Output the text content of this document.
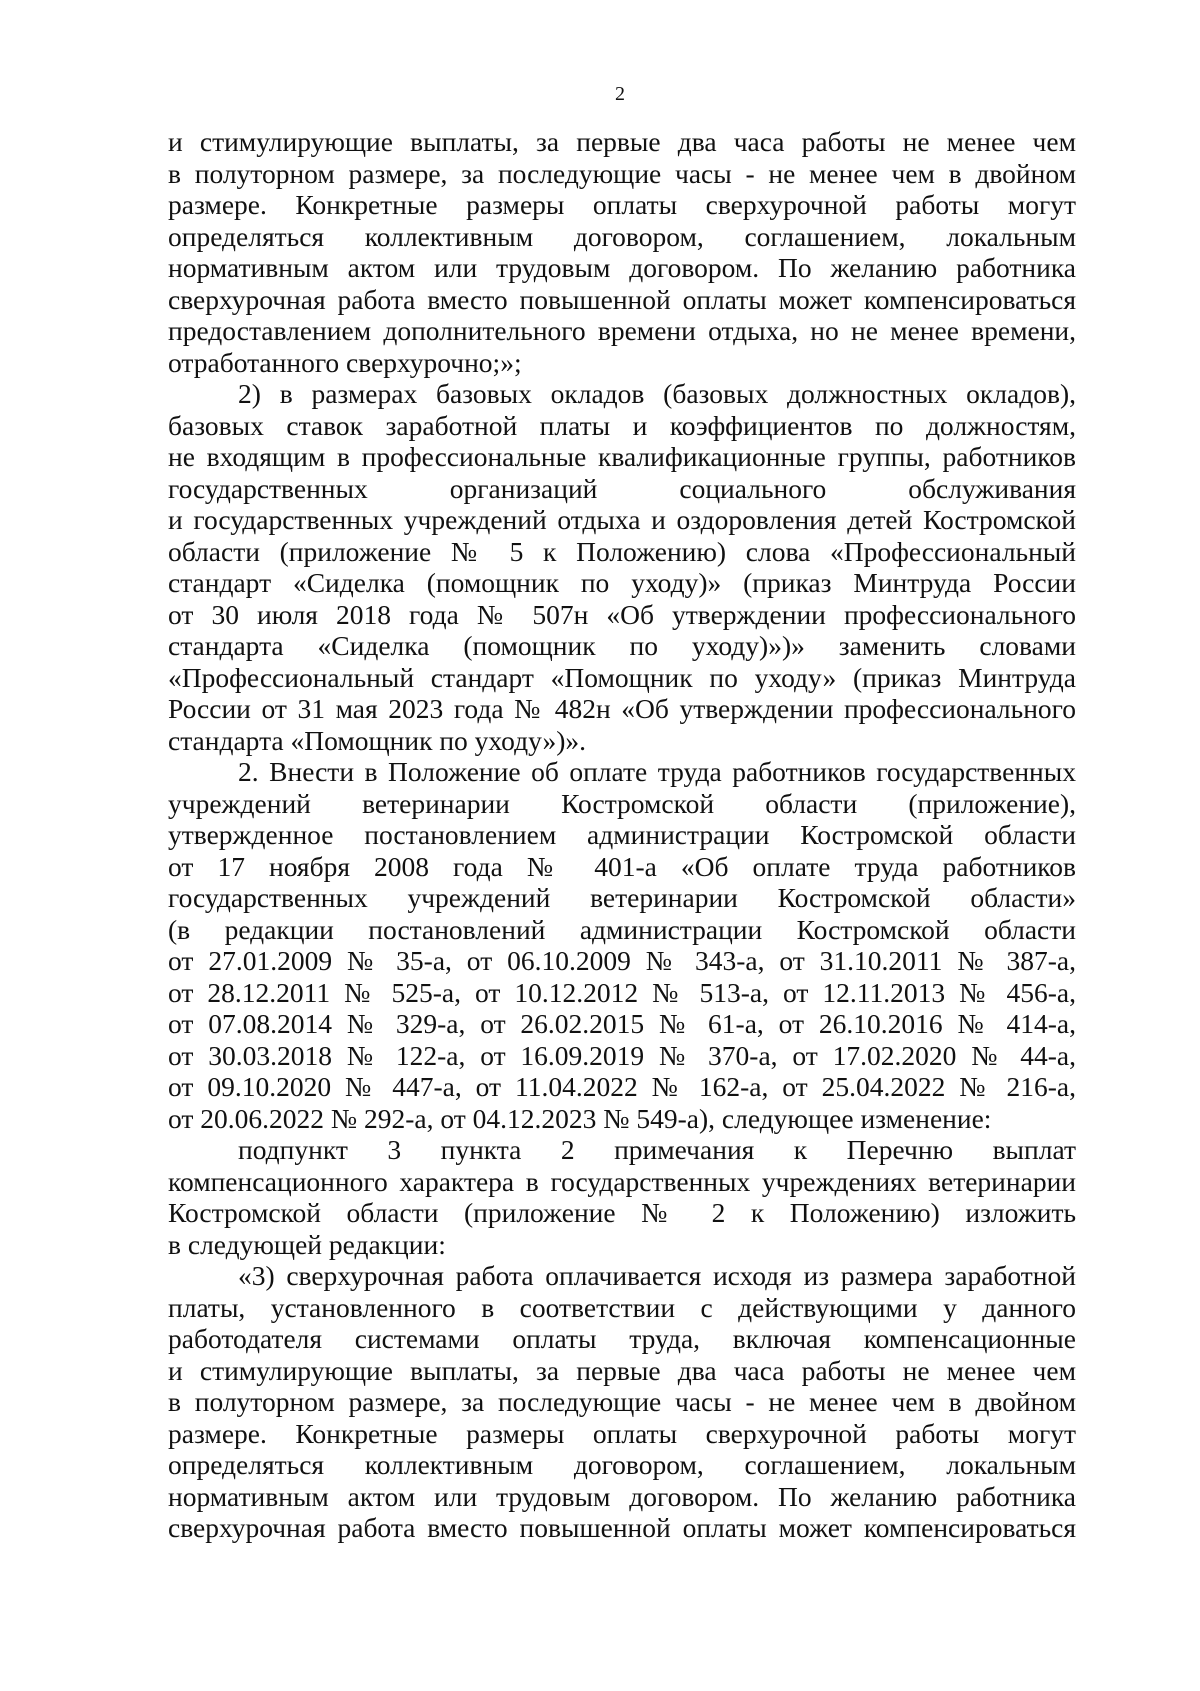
2
и стимулирующие выплаты, за первые два часа работы не менее чем
в полуторном размере, за последующие часы - не менее чем в двойном
размере. Конкретные размеры оплаты сверхурочной работы могут
определяться коллективным договором, соглашением, локальным
нормативным актом или трудовым договором. По желанию работника
сверхурочная работа вместо повышенной оплаты может компенсироваться
предоставлением дополнительного времени отдыха, но не менее времени,
отработанного сверхурочно;»;
2) в размерах базовых окладов (базовых должностных окладов),
базовых ставок заработной платы и коэффициентов по должностям,
не входящим в профессиональные квалификационные группы, работников
государственных организаций социального обслуживания
и государственных учреждений отдыха и оздоровления детей Костромской
области (приложение № 5 к Положению) слова «Профессиональный
стандарт «Сиделка (помощник по уходу)» (приказ Минтруда России
от 30 июля 2018 года № 507н «Об утверждении профессионального
стандарта «Сиделка (помощник по уходу)»)» заменить словами
«Профессиональный стандарт «Помощник по уходу» (приказ Минтруда
России от 31 мая 2023 года № 482н «Об утверждении профессионального
стандарта «Помощник по уходу»)».
2. Внести в Положение об оплате труда работников государственных
учреждений ветеринарии Костромской области (приложение),
утвержденное постановлением администрации Костромской области
от 17 ноября 2008 года № 401-а «Об оплате труда работников
государственных учреждений ветеринарии Костромской области»
(в редакции постановлений администрации Костромской области
от 27.01.2009 № 35-а, от 06.10.2009 № 343-а, от 31.10.2011 № 387-а,
от 28.12.2011 № 525-а, от 10.12.2012 № 513-а, от 12.11.2013 № 456-а,
от 07.08.2014 № 329-а, от 26.02.2015 № 61-а, от 26.10.2016 № 414-а,
от 30.03.2018 № 122-а, от 16.09.2019 № 370-а, от 17.02.2020 № 44-а,
от 09.10.2020 № 447-а, от 11.04.2022 № 162-а, от 25.04.2022 № 216-а,
от 20.06.2022 № 292-а, от 04.12.2023 № 549-а), следующее изменение:
подпункт 3 пункта 2 примечания к Перечню выплат
компенсационного характера в государственных учреждениях ветеринарии
Костромской области (приложение № 2 к Положению) изложить
в следующей редакции:
«3) сверхурочная работа оплачивается исходя из размера заработной
платы, установленного в соответствии с действующими у данного
работодателя системами оплаты труда, включая компенсационные
и стимулирующие выплаты, за первые два часа работы не менее чем
в полуторном размере, за последующие часы - не менее чем в двойном
размере. Конкретные размеры оплаты сверхурочной работы могут
определяться коллективным договором, соглашением, локальным
нормативным актом или трудовым договором. По желанию работника
сверхурочная работа вместо повышенной оплаты может компенсироваться
